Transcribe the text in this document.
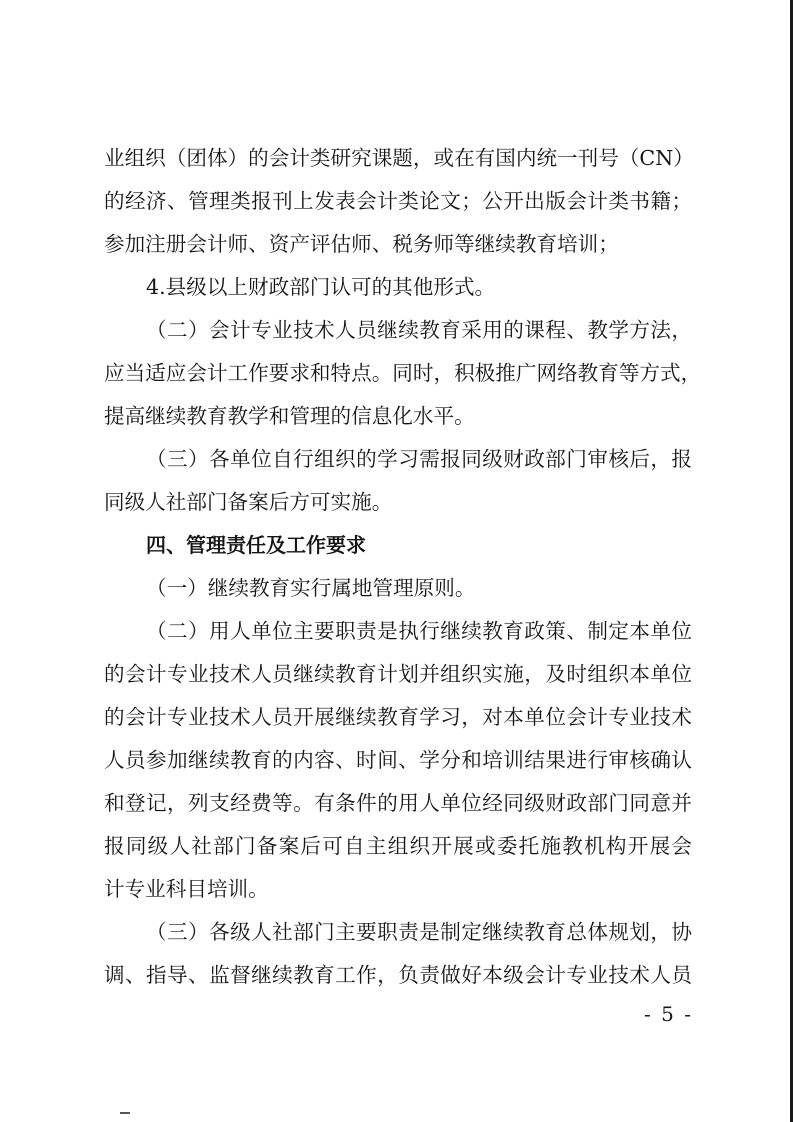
业组织（团体）的会计类研究课题，或在有国内统一刊号（CN）
的经济、管理类报刊上发表会计类论文；公开出版会计类书籍；
参加注册会计师、资产评估师、税务师等继续教育培训；
4.县级以上财政部门认可的其他形式。
（二）会计专业技术人员继续教育采用的课程、教学方法，
应当适应会计工作要求和特点。同时，积极推广网络教育等方式，
提高继续教育教学和管理的信息化水平。
（三）各单位自行组织的学习需报同级财政部门审核后，报
同级人社部门备案后方可实施。
四、管理责任及工作要求
（一）继续教育实行属地管理原则。
（二）用人单位主要职责是执行继续教育政策、制定本单位
的会计专业技术人员继续教育计划并组织实施，及时组织本单位
的会计专业技术人员开展继续教育学习，对本单位会计专业技术
人员参加继续教育的内容、时间、学分和培训结果进行审核确认
和登记，列支经费等。有条件的用人单位经同级财政部门同意并
报同级人社部门备案后可自主组织开展或委托施教机构开展会
计专业科目培训。
（三）各级人社部门主要职责是制定继续教育总体规划，协
调、指导、监督继续教育工作，负责做好本级会计专业技术人员
- 5 -
